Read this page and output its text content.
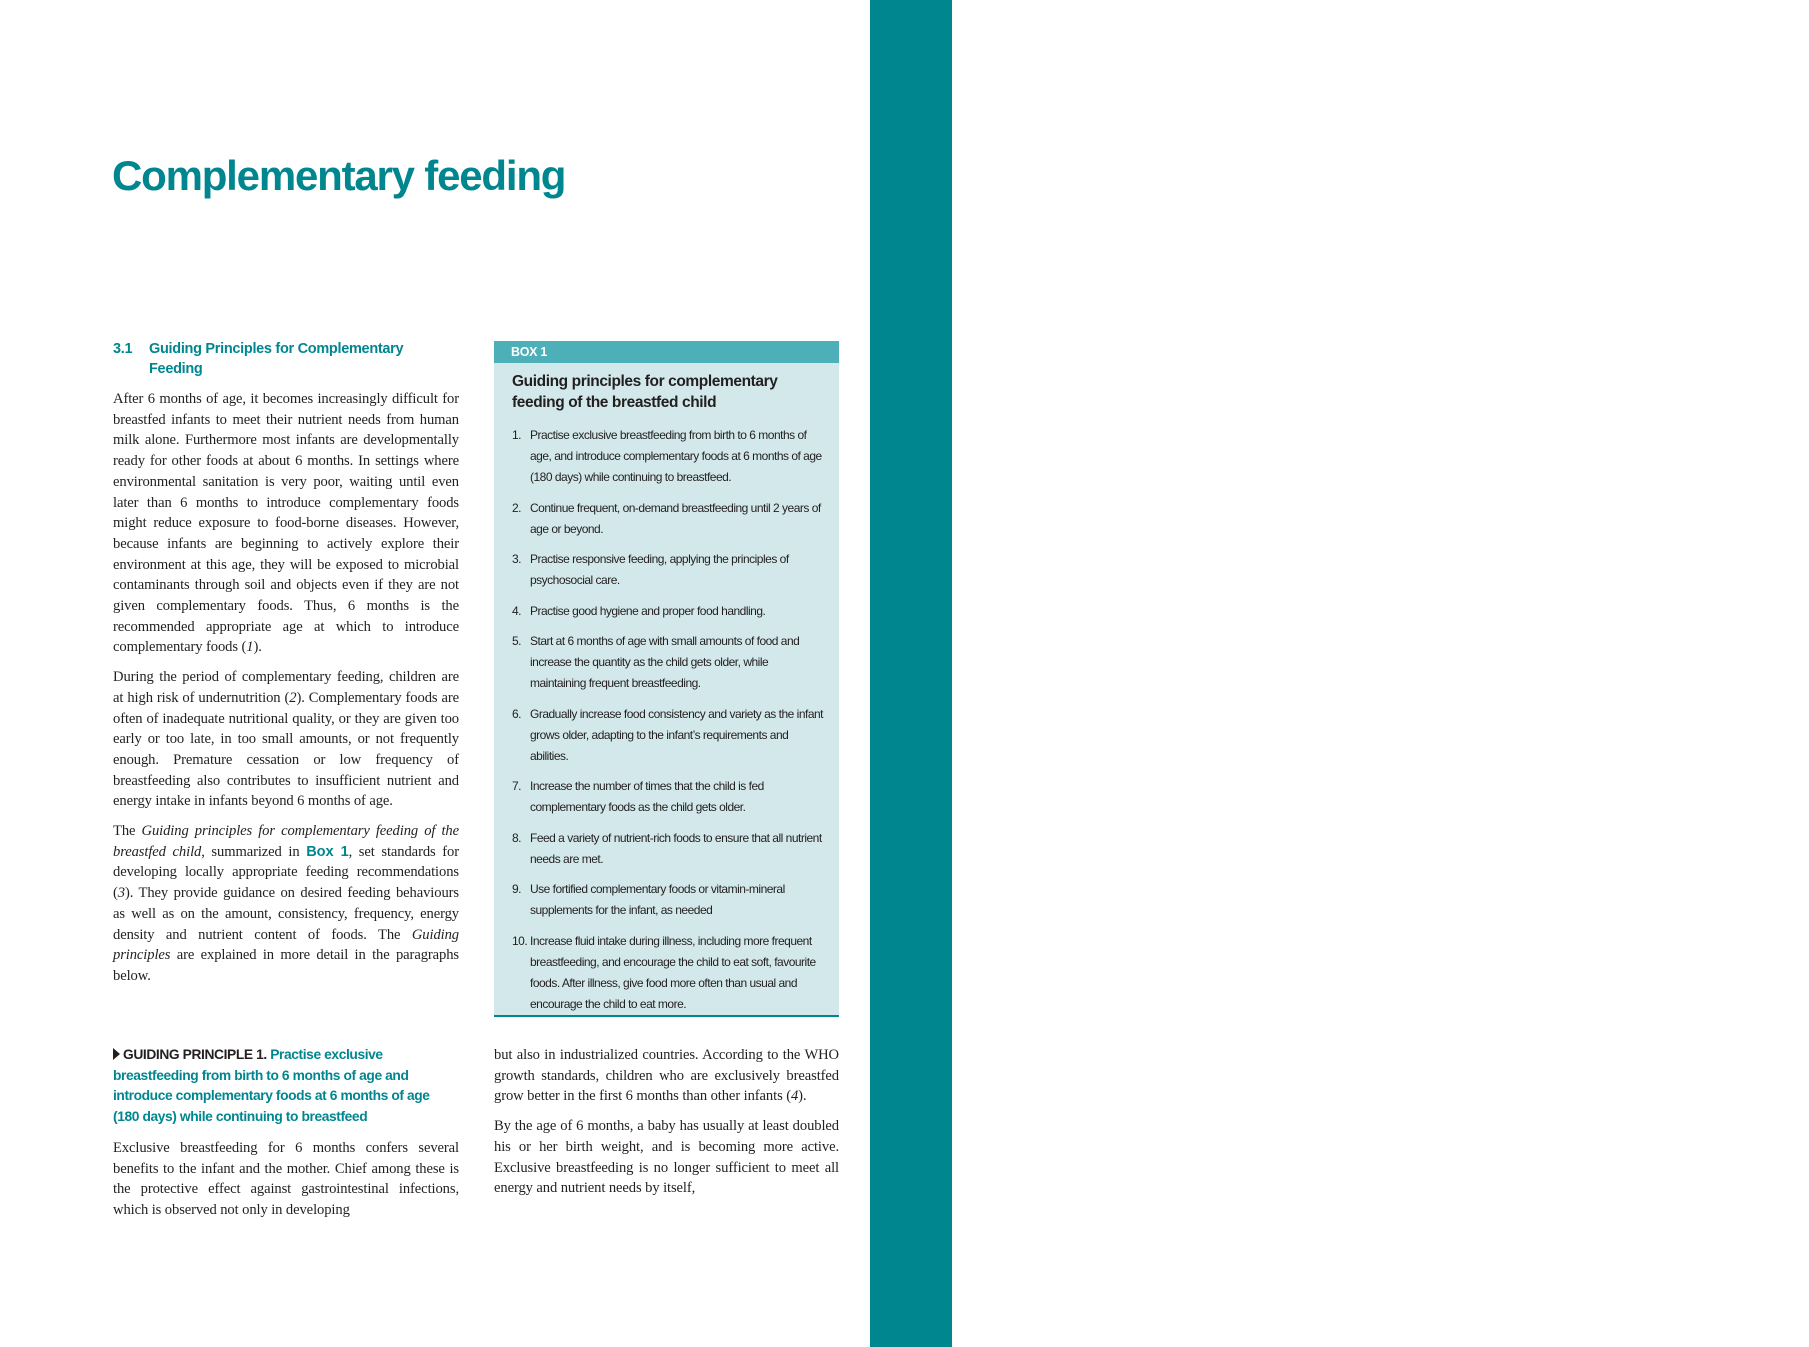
SESSION 3
Complementary feeding
3.1 Guiding Principles for Complementary Feeding

After 6 months of age, it becomes increasingly difficult for breastfed infants to meet their nutrient needs from human milk alone. Furthermore most infants are developmentally ready for other foods at about 6 months. In settings where environmental sanitation is very poor, waiting until even later than 6 months to introduce complementary foods might reduce exposure to food-borne diseases. However, because infants are beginning to actively explore their environment at this age, they will be exposed to microbial contaminants through soil and objects even if they are not given complementary foods. Thus, 6 months is the recommended appropriate age at which to introduce complementary foods (1).

During the period of complementary feeding, children are at high risk of undernutrition (2). Complementary foods are often of inadequate nutritional quality, or they are given too early or too late, in too small amounts, or not frequently enough. Premature cessation or low frequency of breastfeeding also contributes to insufficient nutrient and energy intake in infants beyond 6 months of age.

The Guiding principles for complementary feeding of the breastfed child, summarized in Box 1, set standards for developing locally appropriate feeding recommendations (3). They provide guidance on desired feeding behaviours as well as on the amount, consistency, frequency, energy density and nutrient content of foods. The Guiding principles are explained in more detail in the paragraphs below.

BOX 1
Guiding principles for complementary feeding of the breastfed child
1. Practise exclusive breastfeeding from birth to 6 months of age, and introduce complementary foods at 6 months of age (180 days) while continuing to breastfeed.
2. Continue frequent, on-demand breastfeeding until 2 years of age or beyond.
3. Practise responsive feeding, applying the principles of psychosocial care.
4. Practise good hygiene and proper food handling.
5. Start at 6 months of age with small amounts of food and increase the quantity as the child gets older, while maintaining frequent breastfeeding.
6. Gradually increase food consistency and variety as the infant grows older, adapting to the infant’s requirements and abilities.
7. Increase the number of times that the child is fed complementary foods as the child gets older.
8. Feed a variety of nutrient-rich foods to ensure that all nutrient needs are met.
9. Use fortified complementary foods or vitamin-mineral supplements for the infant, as needed
10. Increase fluid intake during illness, including more frequent breastfeeding, and encourage the child to eat soft, favourite foods. After illness, give food more often than usual and encourage the child to eat more.
GUIDING PRINCIPLE 1. Practise exclusive breastfeeding from birth to 6 months of age and introduce complementary foods at 6 months of age (180 days) while continuing to breastfeed

Exclusive breastfeeding for 6 months confers several benefits to the infant and the mother. Chief among these is the protective effect against gastrointestinal infections, which is observed not only in developing

but also in industrialized countries. According to the WHO growth standards, children who are exclusively breastfed grow better in the first 6 months than other infants (4).

By the age of 6 months, a baby has usually at least doubled his or her birth weight, and is becoming more active. Exclusive breastfeeding is no longer sufficient to meet all energy and nutrient needs by itself,
